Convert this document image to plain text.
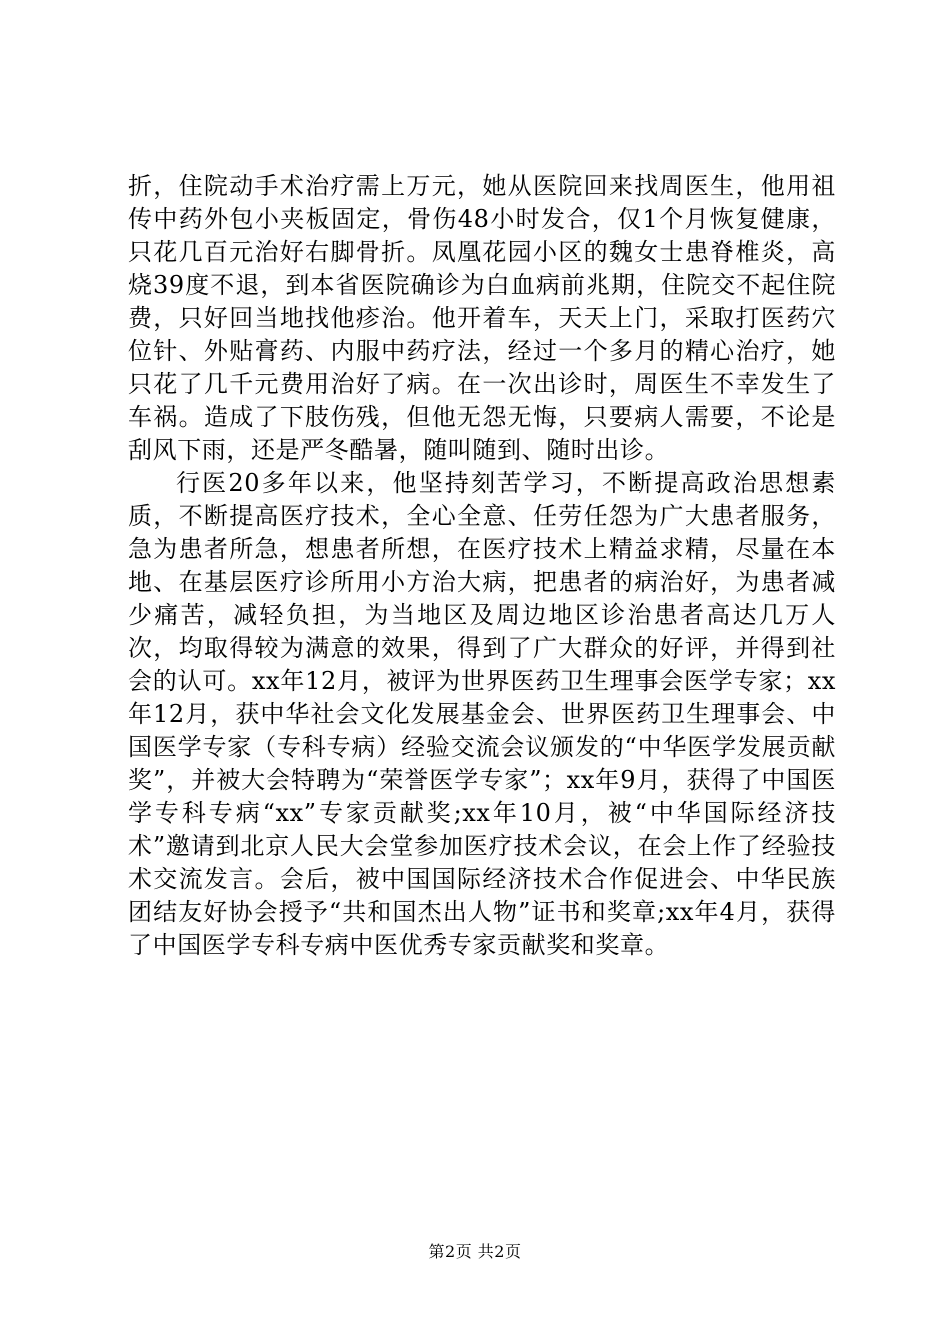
折，住院动手术治疗需上万元，她从医院回来找周医生，他用祖传中药外包小夹板固定，骨伤48小时发合，仅1个月恢复健康，只花几百元治好右脚骨折。凤凰花园小区的魏女士患脊椎炎，高烧39度不退，到本省医院确诊为白血病前兆期，住院交不起住院费，只好回当地找他疹治。他开着车，天天上门，采取打医药穴位针、外贴膏药、内服中药疗法，经过一个多月的精心治疗，她只花了几千元费用治好了病。在一次出诊时，周医生不幸发生了车祸。造成了下肢伤残，但他无怨无悔，只要病人需要，不论是刮风下雨，还是严冬酷暑，随叫随到、随时出诊。

行医20多年以来，他坚持刻苦学习，不断提高政治思想素质，不断提高医疗技术，全心全意、任劳任怨为广大患者服务，急为患者所急，想患者所想，在医疗技术上精益求精，尽量在本地、在基层医疗诊所用小方治大病，把患者的病治好，为患者减少痛苦，减轻负担，为当地区及周边地区诊治患者高达几万人次，均取得较为满意的效果，得到了广大群众的好评，并得到社会的认可。xx年12月，被评为世界医药卫生理事会医学专家；xx年12月，获中华社会文化发展基金会、世界医药卫生理事会、中国医学专家（专科专病）经验交流会议颁发的“中华医学发展贡献奖”，并被大会特聘为“荣誉医学专家”；xx年9月，获得了中国医学专科专病“xx”专家贡献奖;xx年10月，被“中华国际经济技术”邀请到北京人民大会堂参加医疗技术会议，在会上作了经验技术交流发言。会后，被中国国际经济技术合作促进会、中华民族团结友好协会授予“共和国杰出人物”证书和奖章;xx年4月，获得了中国医学专科专病中医优秀专家贡献奖和奖章。

第2页 共2页
